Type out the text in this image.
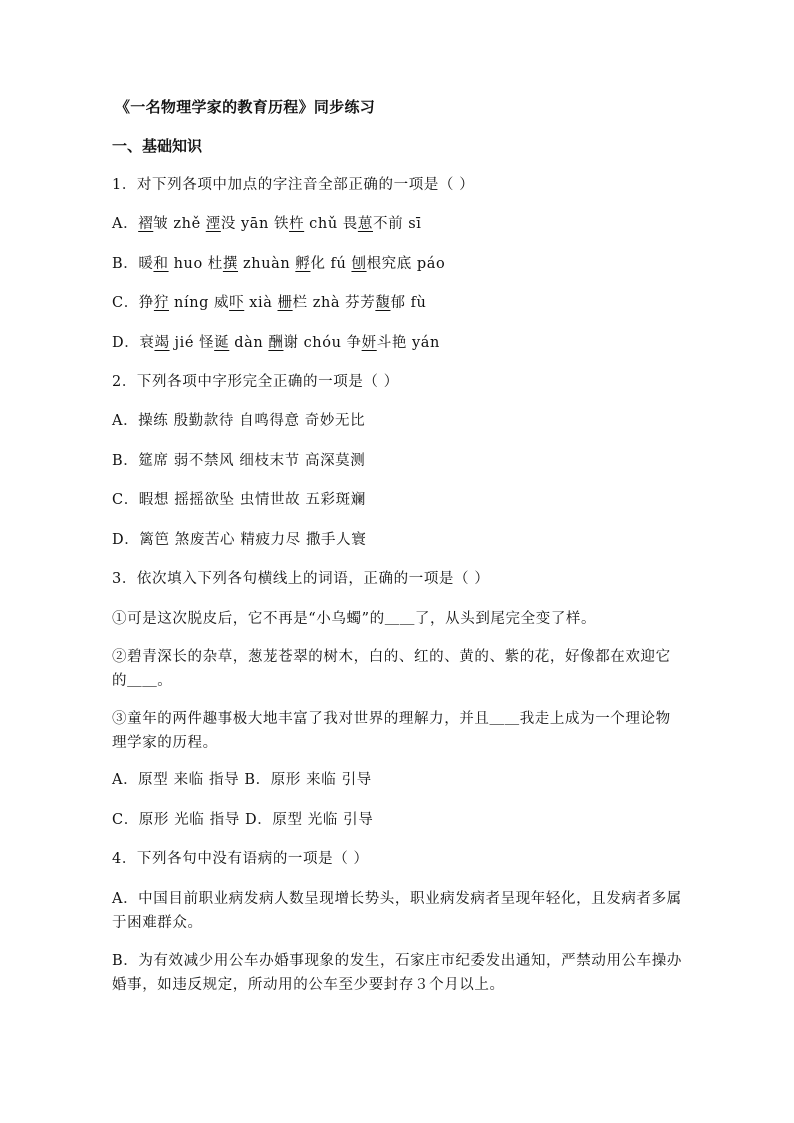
《一名物理学家的教育历程》同步练习
一、基础知识
1．对下列各项中加点的字注音全部正确的一项是（ ）
A．褶皱 zhě 湮没 yān 铁杵 chǔ 畏葸不前 sī
B．暖和 huo 杜撰 zhuàn 孵化 fú 刨根究底 páo
C．狰狞 níng 威吓 xià 栅栏 zhà 芬芳馥郁 fù
D．衰竭 jié 怪诞 dàn 酬谢 chóu 争妍斗艳 yán
2．下列各项中字形完全正确的一项是（ ）
A．操练 殷勤款待 自鸣得意 奇妙无比
B．筵席 弱不禁风 细枝末节 高深莫测
C．暇想 摇摇欲坠 虫情世故 五彩斑斓
D．篱笆 煞废苦心 精疲力尽 撒手人寰
3．依次填入下列各句横线上的词语，正确的一项是（ ）
①可是这次脱皮后，它不再是“小乌蠋”的＿＿了，从头到尾完全变了样。
②碧青深长的杂草，葱茏苍翠的树木，白的、红的、黄的、紫的花，好像都在欢迎它的＿＿。
③童年的两件趣事极大地丰富了我对世界的理解力，并且＿＿我走上成为一个理论物理学家的历程。
A．原型 来临 指导 B．原形 来临 引导
C．原形 光临 指导 D．原型 光临 引导
4．下列各句中没有语病的一项是（ ）
A．中国目前职业病发病人数呈现增长势头，职业病发病者呈现年轻化，且发病者多属于困难群众。
B．为有效减少用公车办婚事现象的发生，石家庄市纪委发出通知，严禁动用公车操办婚事，如违反规定，所动用的公车至少要封存３个月以上。
